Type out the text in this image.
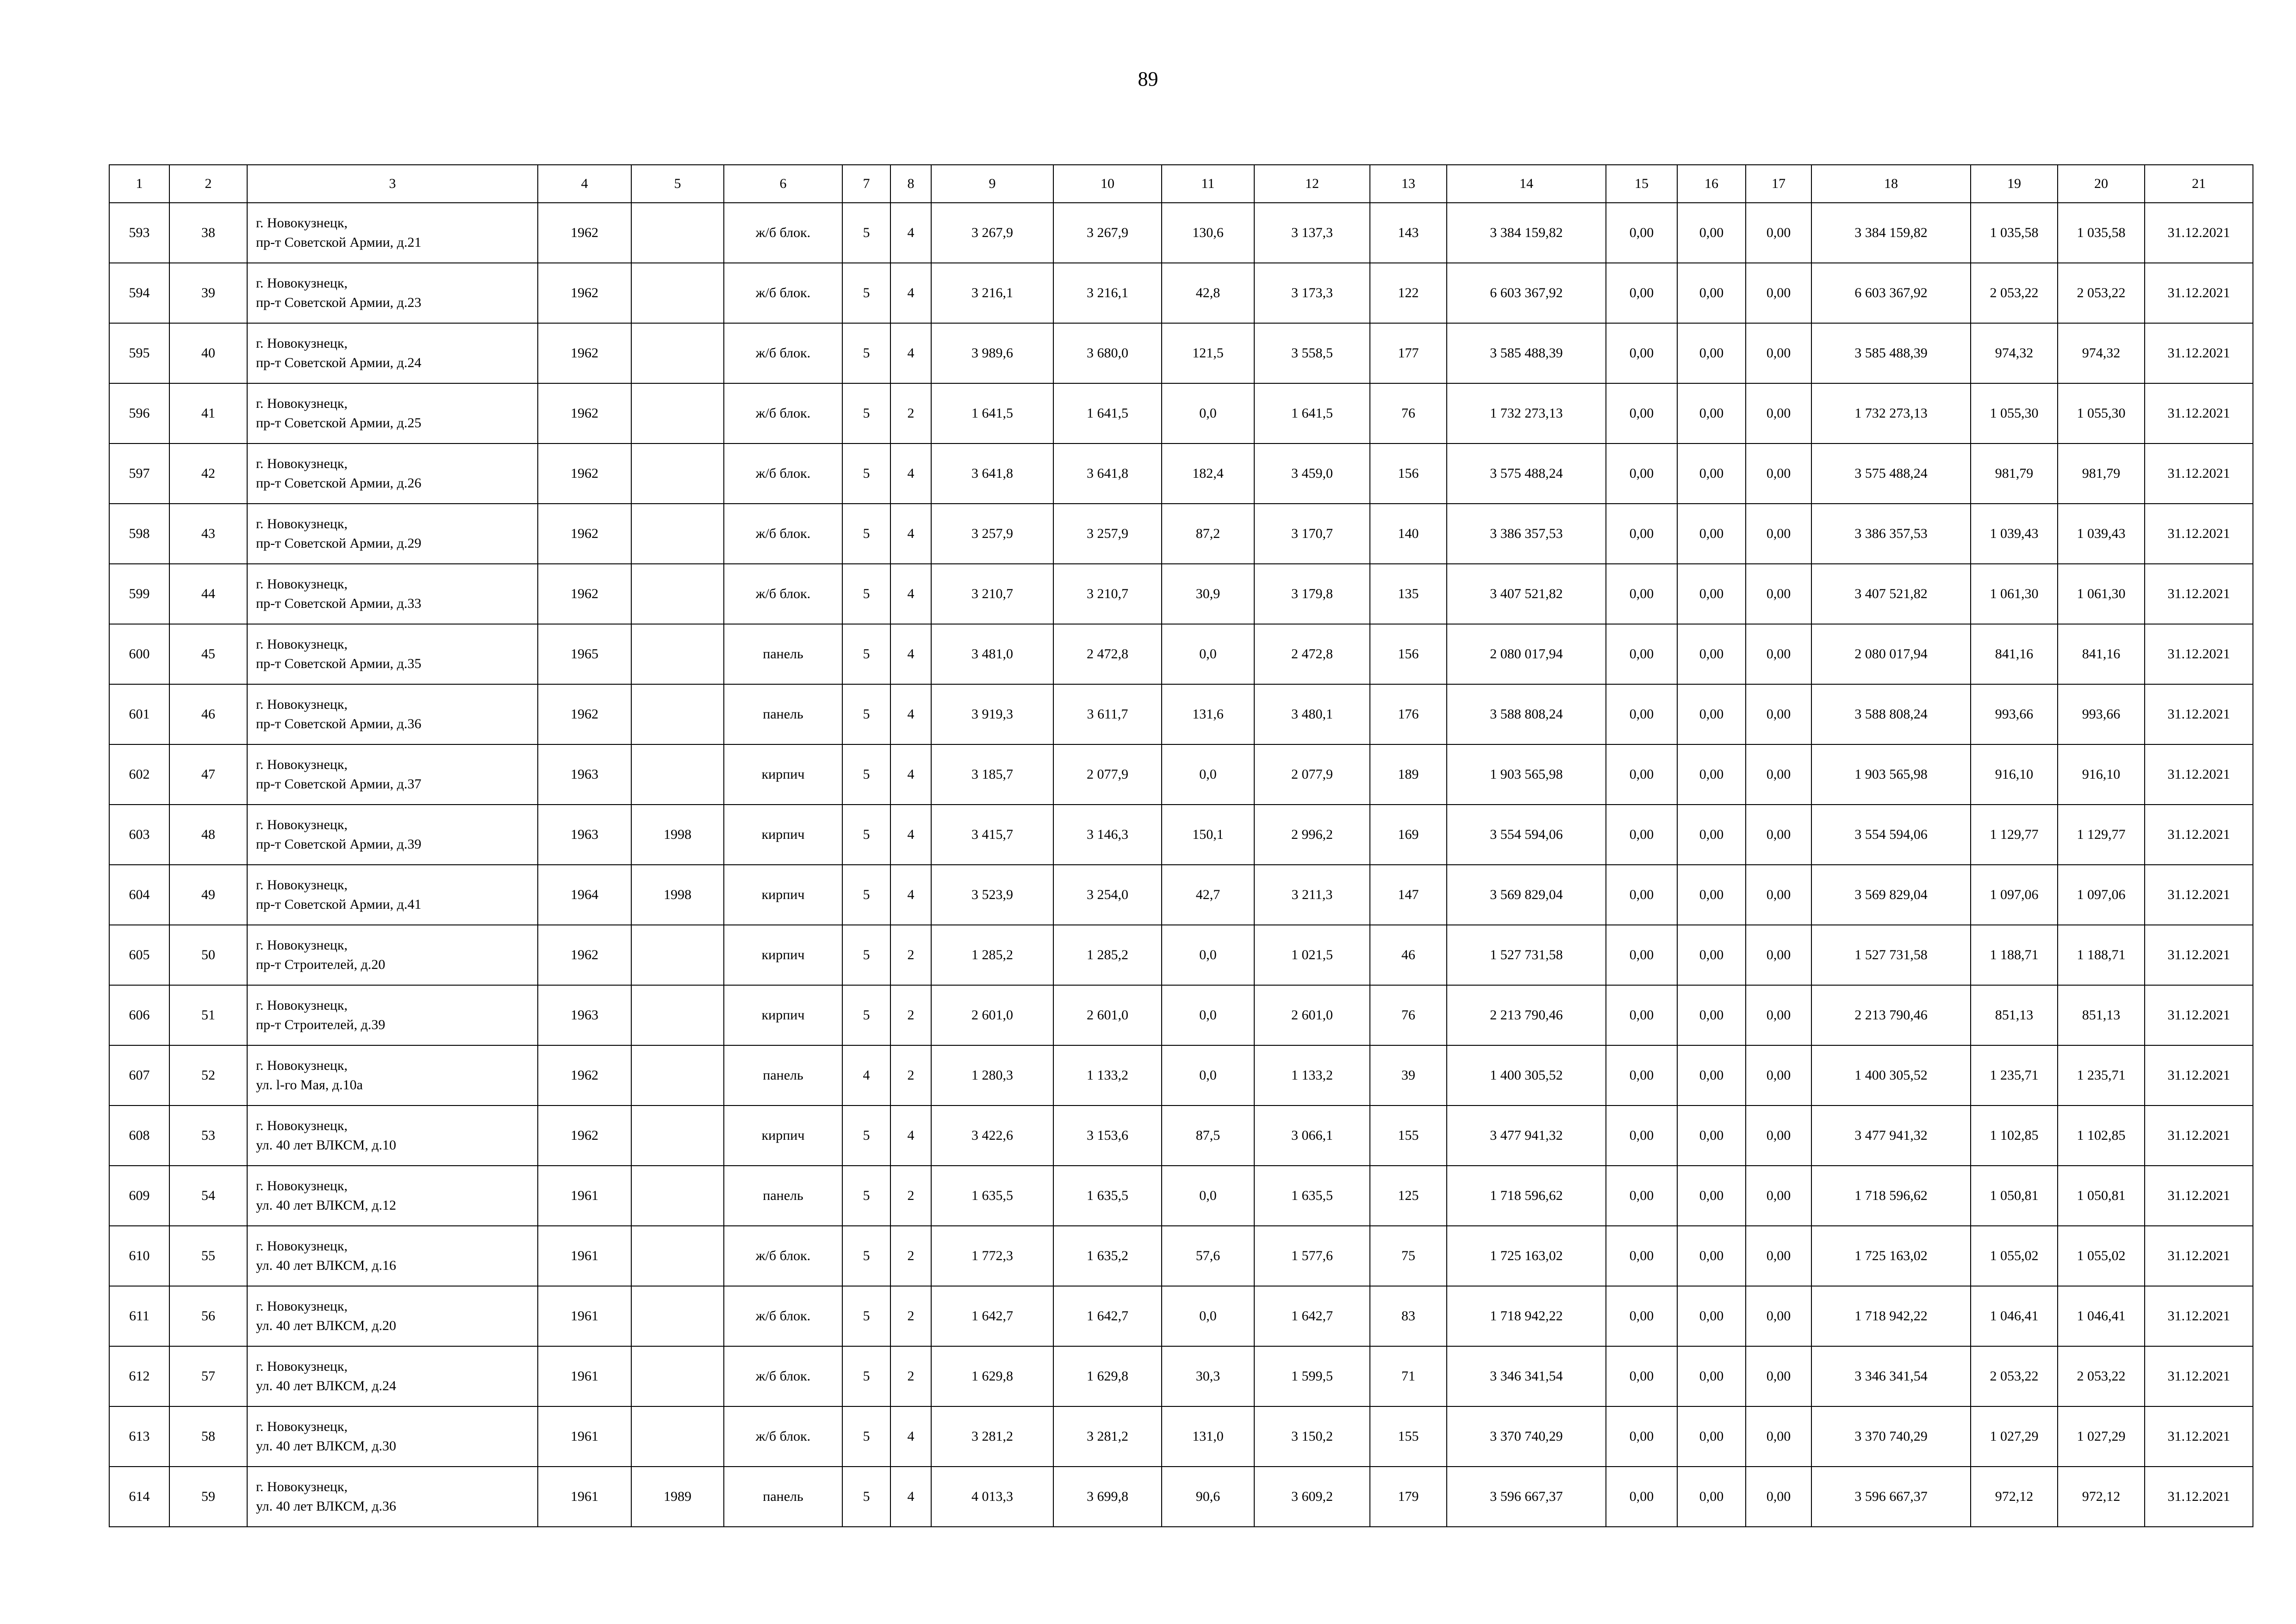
89
1	2	3	4	5	6	7	8	9	10	11	12	13	14	15	16	17	18	19	20	21
593	38	г. Новокузнецк,
пр-т Советской Армии, д.21	1962		ж/б блок.	5	4	3 267,9	3 267,9	130,6	3 137,3	143	3 384 159,82	0,00	0,00	0,00	3 384 159,82	1 035,58	1 035,58	31.12.2021
594	39	г. Новокузнецк,
пр-т Советской Армии, д.23	1962		ж/б блок.	5	4	3 216,1	3 216,1	42,8	3 173,3	122	6 603 367,92	0,00	0,00	0,00	6 603 367,92	2 053,22	2 053,22	31.12.2021
595	40	г. Новокузнецк,
пр-т Советской Армии, д.24	1962		ж/б блок.	5	4	3 989,6	3 680,0	121,5	3 558,5	177	3 585 488,39	0,00	0,00	0,00	3 585 488,39	974,32	974,32	31.12.2021
596	41	г. Новокузнецк,
пр-т Советской Армии, д.25	1962		ж/б блок.	5	2	1 641,5	1 641,5	0,0	1 641,5	76	1 732 273,13	0,00	0,00	0,00	1 732 273,13	1 055,30	1 055,30	31.12.2021
597	42	г. Новокузнецк,
пр-т Советской Армии, д.26	1962		ж/б блок.	5	4	3 641,8	3 641,8	182,4	3 459,0	156	3 575 488,24	0,00	0,00	0,00	3 575 488,24	981,79	981,79	31.12.2021
598	43	г. Новокузнецк,
пр-т Советской Армии, д.29	1962		ж/б блок.	5	4	3 257,9	3 257,9	87,2	3 170,7	140	3 386 357,53	0,00	0,00	0,00	3 386 357,53	1 039,43	1 039,43	31.12.2021
599	44	г. Новокузнецк,
пр-т Советской Армии, д.33	1962		ж/б блок.	5	4	3 210,7	3 210,7	30,9	3 179,8	135	3 407 521,82	0,00	0,00	0,00	3 407 521,82	1 061,30	1 061,30	31.12.2021
600	45	г. Новокузнецк,
пр-т Советской Армии, д.35	1965		панель	5	4	3 481,0	2 472,8	0,0	2 472,8	156	2 080 017,94	0,00	0,00	0,00	2 080 017,94	841,16	841,16	31.12.2021
601	46	г. Новокузнецк,
пр-т Советской Армии, д.36	1962		панель	5	4	3 919,3	3 611,7	131,6	3 480,1	176	3 588 808,24	0,00	0,00	0,00	3 588 808,24	993,66	993,66	31.12.2021
602	47	г. Новокузнецк,
пр-т Советской Армии, д.37	1963		кирпич	5	4	3 185,7	2 077,9	0,0	2 077,9	189	1 903 565,98	0,00	0,00	0,00	1 903 565,98	916,10	916,10	31.12.2021
603	48	г. Новокузнецк,
пр-т Советской Армии, д.39	1963	1998	кирпич	5	4	3 415,7	3 146,3	150,1	2 996,2	169	3 554 594,06	0,00	0,00	0,00	3 554 594,06	1 129,77	1 129,77	31.12.2021
604	49	г. Новокузнецк,
пр-т Советской Армии, д.41	1964	1998	кирпич	5	4	3 523,9	3 254,0	42,7	3 211,3	147	3 569 829,04	0,00	0,00	0,00	3 569 829,04	1 097,06	1 097,06	31.12.2021
605	50	г. Новокузнецк,
пр-т Строителей, д.20	1962		кирпич	5	2	1 285,2	1 285,2	0,0	1 021,5	46	1 527 731,58	0,00	0,00	0,00	1 527 731,58	1 188,71	1 188,71	31.12.2021
606	51	г. Новокузнецк,
пр-т Строителей, д.39	1963		кирпич	5	2	2 601,0	2 601,0	0,0	2 601,0	76	2 213 790,46	0,00	0,00	0,00	2 213 790,46	851,13	851,13	31.12.2021
607	52	г. Новокузнецк,
ул. l-го Мая, д.10а	1962		панель	4	2	1 280,3	1 133,2	0,0	1 133,2	39	1 400 305,52	0,00	0,00	0,00	1 400 305,52	1 235,71	1 235,71	31.12.2021
608	53	г. Новокузнецк,
ул. 40 лет ВЛКСМ, д.10	1962		кирпич	5	4	3 422,6	3 153,6	87,5	3 066,1	155	3 477 941,32	0,00	0,00	0,00	3 477 941,32	1 102,85	1 102,85	31.12.2021
609	54	г. Новокузнецк,
ул. 40 лет ВЛКСМ, д.12	1961		панель	5	2	1 635,5	1 635,5	0,0	1 635,5	125	1 718 596,62	0,00	0,00	0,00	1 718 596,62	1 050,81	1 050,81	31.12.2021
610	55	г. Новокузнецк,
ул. 40 лет ВЛКСМ, д.16	1961		ж/б блок.	5	2	1 772,3	1 635,2	57,6	1 577,6	75	1 725 163,02	0,00	0,00	0,00	1 725 163,02	1 055,02	1 055,02	31.12.2021
611	56	г. Новокузнецк,
ул. 40 лет ВЛКСМ, д.20	1961		ж/б блок.	5	2	1 642,7	1 642,7	0,0	1 642,7	83	1 718 942,22	0,00	0,00	0,00	1 718 942,22	1 046,41	1 046,41	31.12.2021
612	57	г. Новокузнецк,
ул. 40 лет ВЛКСМ, д.24	1961		ж/б блок.	5	2	1 629,8	1 629,8	30,3	1 599,5	71	3 346 341,54	0,00	0,00	0,00	3 346 341,54	2 053,22	2 053,22	31.12.2021
613	58	г. Новокузнецк,
ул. 40 лет ВЛКСМ, д.30	1961		ж/б блок.	5	4	3 281,2	3 281,2	131,0	3 150,2	155	3 370 740,29	0,00	0,00	0,00	3 370 740,29	1 027,29	1 027,29	31.12.2021
614	59	г. Новокузнецк,
ул. 40 лет ВЛКСМ, д.36	1961	1989	панель	5	4	4 013,3	3 699,8	90,6	3 609,2	179	3 596 667,37	0,00	0,00	0,00	3 596 667,37	972,12	972,12	31.12.2021
